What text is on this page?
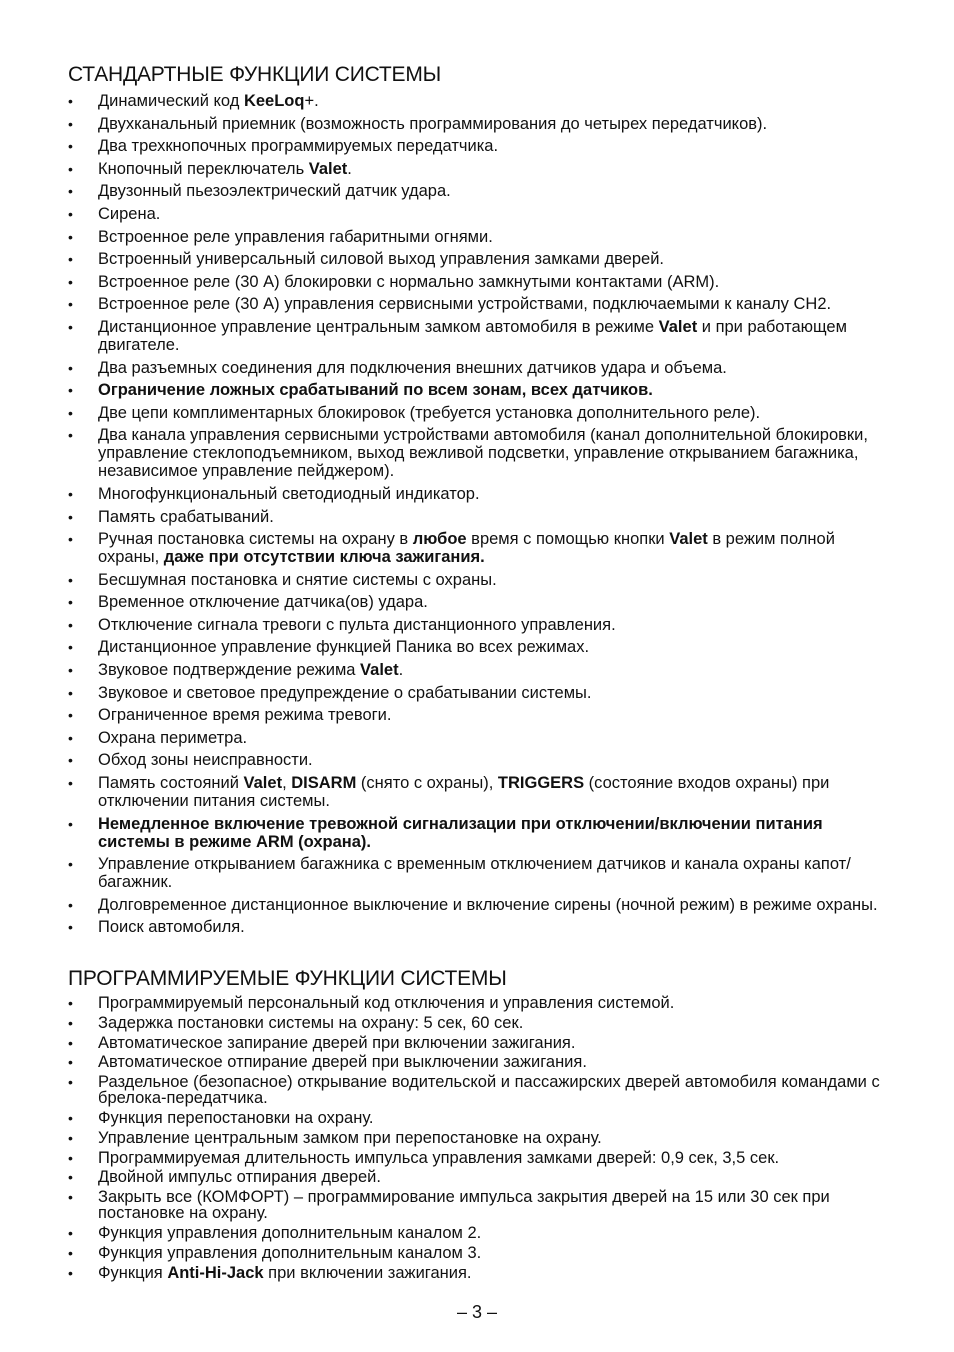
СТАНДАРТНЫЕ ФУНКЦИИ СИСТЕМЫ
• Динамический код KeeLoq+.
• Двухканальный приемник (возможность программирования до четырех передатчиков).
• Два трехкнопочных программируемых передатчика.
• Кнопочный переключатель Valet.
• Двузонный пьезоэлектрический датчик удара.
• Сирена.
• Встроенное реле управления габаритными огнями.
• Встроенный универсальный силовой выход управления замками дверей.
• Встроенное реле (30 А) блокировки с нормально замкнутыми контактами (ARM).
• Встроенное реле (30 А) управления сервисными устройствами, подключаемыми к каналу СН2.
• Дистанционное управление центральным замком автомобиля в режиме Valet и при работающем двигателе.
• Два разъемных соединения для подключения внешних датчиков удара и объема.
• Ограничение ложных срабатываний по всем зонам, всех датчиков.
• Две цепи комплиментарных блокировок (требуется установка дополнительного реле).
• Два канала управления сервисными устройствами автомобиля (канал дополнительной блокировки, управление стеклоподъемником, выход вежливой подсветки, управление открыванием багажника, независимое управление пейджером).
• Многофункциональный светодиодный индикатор.
• Память срабатываний.
• Ручная постановка системы на охрану в любое время с помощью кнопки Valet в режим полной охраны, даже при отсутствии ключа зажигания.
• Бесшумная постановка и снятие системы с охраны.
• Временное отключение датчика(ов) удара.
• Отключение сигнала тревоги с пульта дистанционного управления.
• Дистанционное управление функцией Паника во всех режимах.
• Звуковое подтверждение режима Valet.
• Звуковое и световое предупреждение о срабатывании системы.
• Ограниченное время режима тревоги.
• Охрана периметра.
• Обход зоны неисправности.
• Память состояний Valet, DISARM (снято с охраны), TRIGGERS (состояние входов охраны) при отключении питания системы.
• Немедленное включение тревожной сигнализации при отключении/включении питания системы в режиме ARM (охрана).
• Управление открыванием багажника с временным отключением датчиков и канала охраны капот/багажник.
• Долговременное дистанционное выключение и включение сирены (ночной режим) в режиме охраны.
• Поиск автомобиля.
ПРОГРАММИРУЕМЫЕ ФУНКЦИИ СИСТЕМЫ
• Программируемый персональный код отключения и управления системой.
• Задержка постановки системы на охрану: 5 сек, 60 сек.
• Автоматическое запирание дверей при включении зажигания.
• Автоматическое отпирание дверей при выключении зажигания.
• Раздельное (безопасное) открывание водительской и пассажирских дверей автомобиля командами с брелока-передатчика.
• Функция перепостановки на охрану.
• Управление центральным замком при перепостановке на охрану.
• Программируемая длительность импульса управления замками дверей: 0,9 сек, 3,5 сек.
• Двойной импульс отпирания дверей.
• Закрыть все (КОМФОРТ) – программирование импульса закрытия дверей на 15 или 30 сек при постановке на охрану.
• Функция управления дополнительным каналом 2.
• Функция управления дополнительным каналом 3.
• Функция Anti-Hi-Jack при включении зажигания.
– 3 –
